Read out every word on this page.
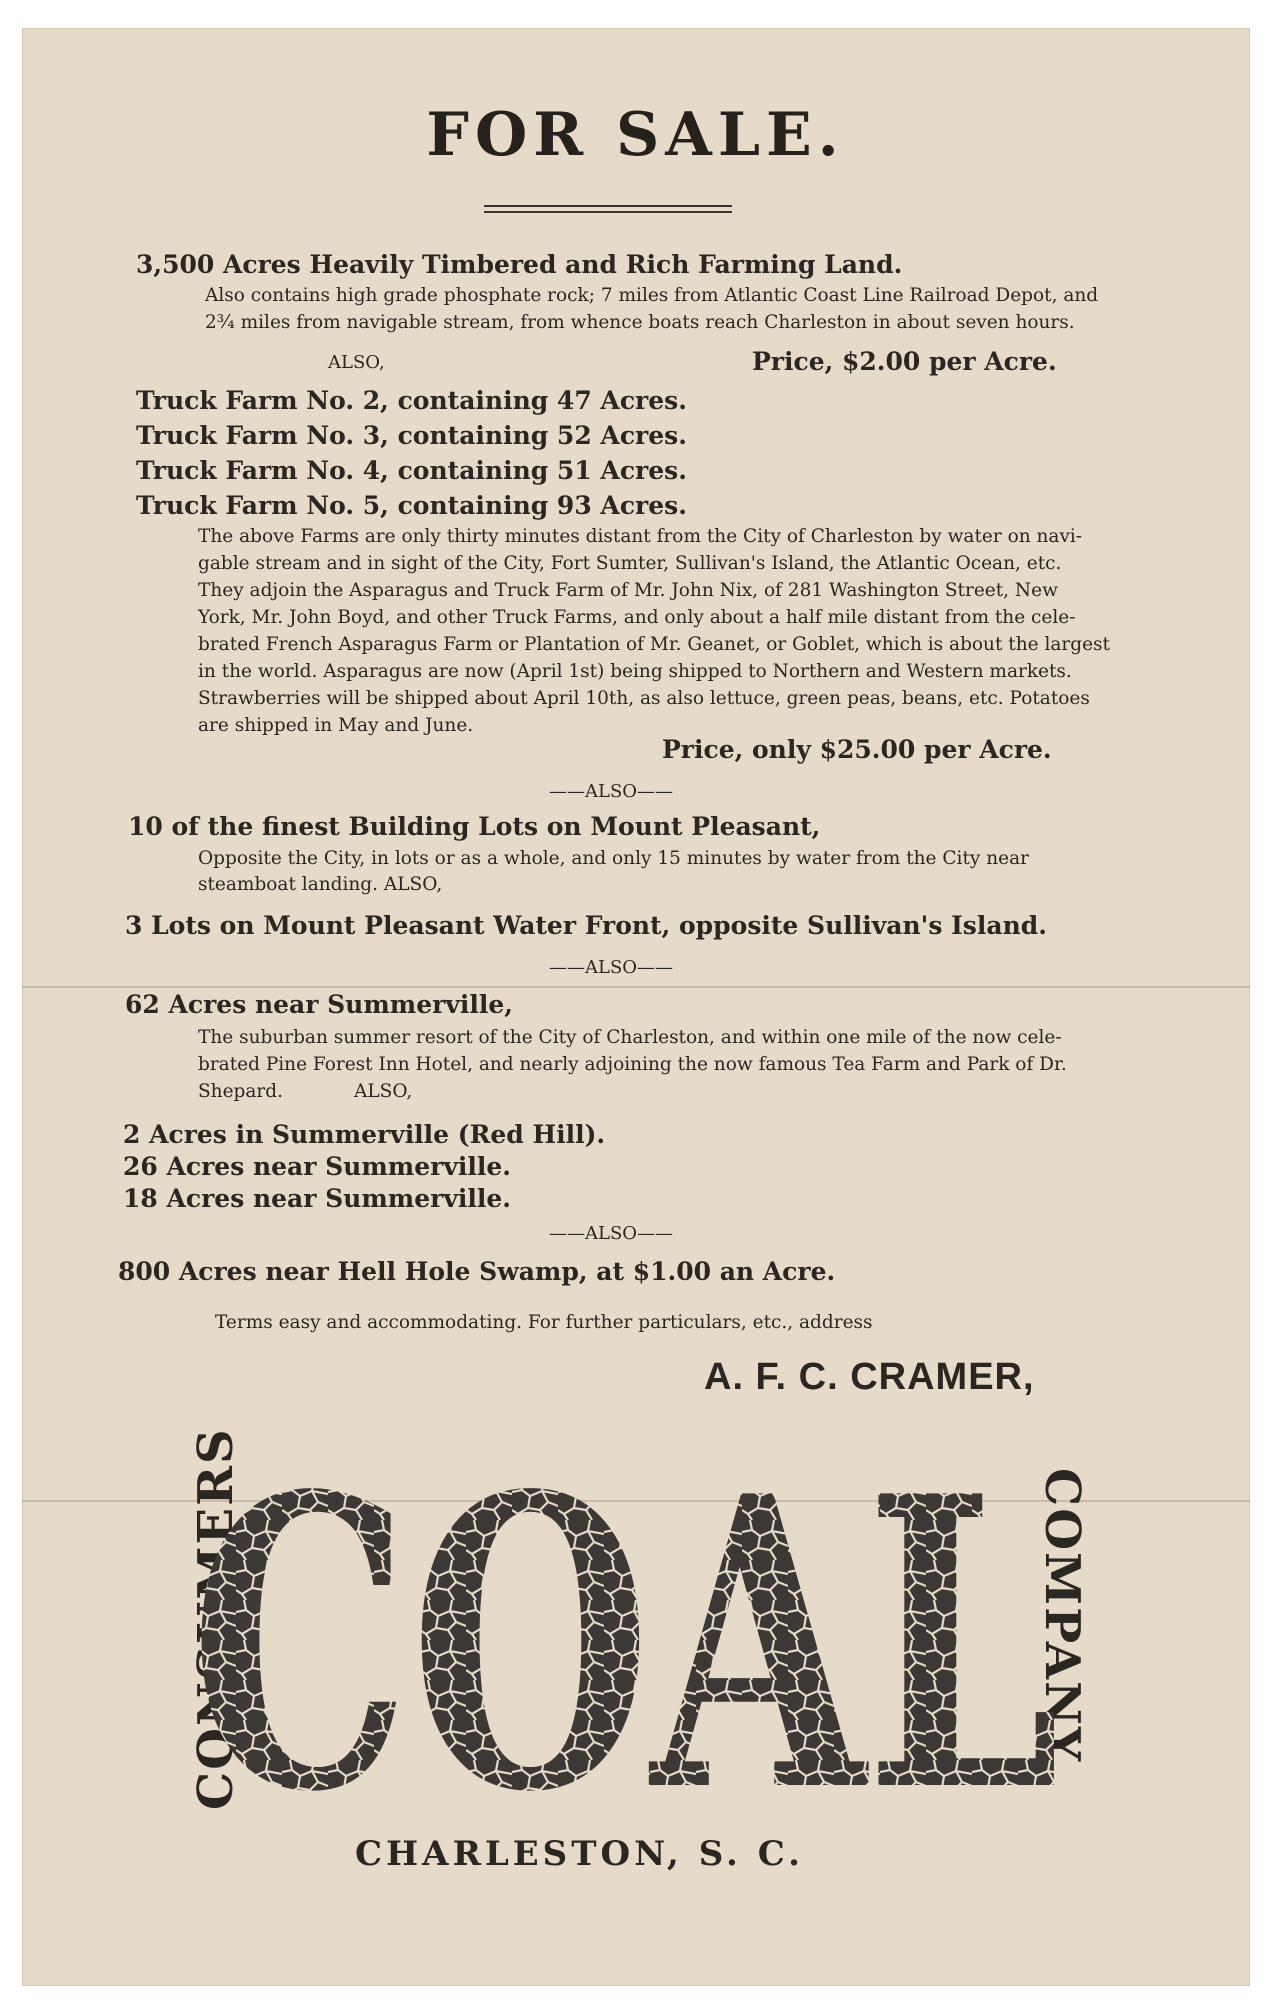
FOR SALE.
3,500 Acres Heavily Timbered and Rich Farming Land.
Also contains high grade phosphate rock; 7 miles from Atlantic Coast Line Railroad Depot, and
2¾ miles from navigable stream, from whence boats reach Charleston in about seven hours.
ALSO,	Price, $2.00 per Acre.
Truck Farm No. 2, containing 47 Acres.
Truck Farm No. 3, containing 52 Acres.
Truck Farm No. 4, containing 51 Acres.
Truck Farm No. 5, containing 93 Acres.
The above Farms are only thirty minutes distant from the City of Charleston by water on navi-
gable stream and in sight of the City, Fort Sumter, Sullivan's Island, the Atlantic Ocean, etc.
They adjoin the Asparagus and Truck Farm of Mr. John Nix, of 281 Washington Street, New
York, Mr. John Boyd, and other Truck Farms, and only about a half mile distant from the cele-
brated French Asparagus Farm or Plantation of Mr. Geanet, or Goblet, which is about the largest
in the world. Asparagus are now (April 1st) being shipped to Northern and Western markets.
Strawberries will be shipped about April 10th, as also lettuce, green peas, beans, etc. Potatoes
are shipped in May and June.
Price, only $25.00 per Acre.
——ALSO——
10 of the finest Building Lots on Mount Pleasant,
Opposite the City, in lots or as a whole, and only 15 minutes by water from the City near
steamboat landing. ALSO,
3 Lots on Mount Pleasant Water Front, opposite Sullivan's Island.
——ALSO——
62 Acres near Summerville,
The suburban summer resort of the City of Charleston, and within one mile of the now cele-
brated Pine Forest Inn Hotel, and nearly adjoining the now famous Tea Farm and Park of Dr.
Shepard.	ALSO,
2 Acres in Summerville (Red Hill).
26 Acres near Summerville.
18 Acres near Summerville.
——ALSO——
800 Acres near Hell Hole Swamp, at $1.00 an Acre.
Terms easy and accommodating. For further particulars, etc., address
A. F. C. CRAMER,
CONSUMERS	COMPANY,
COAL
CHARLESTON, S. C.
